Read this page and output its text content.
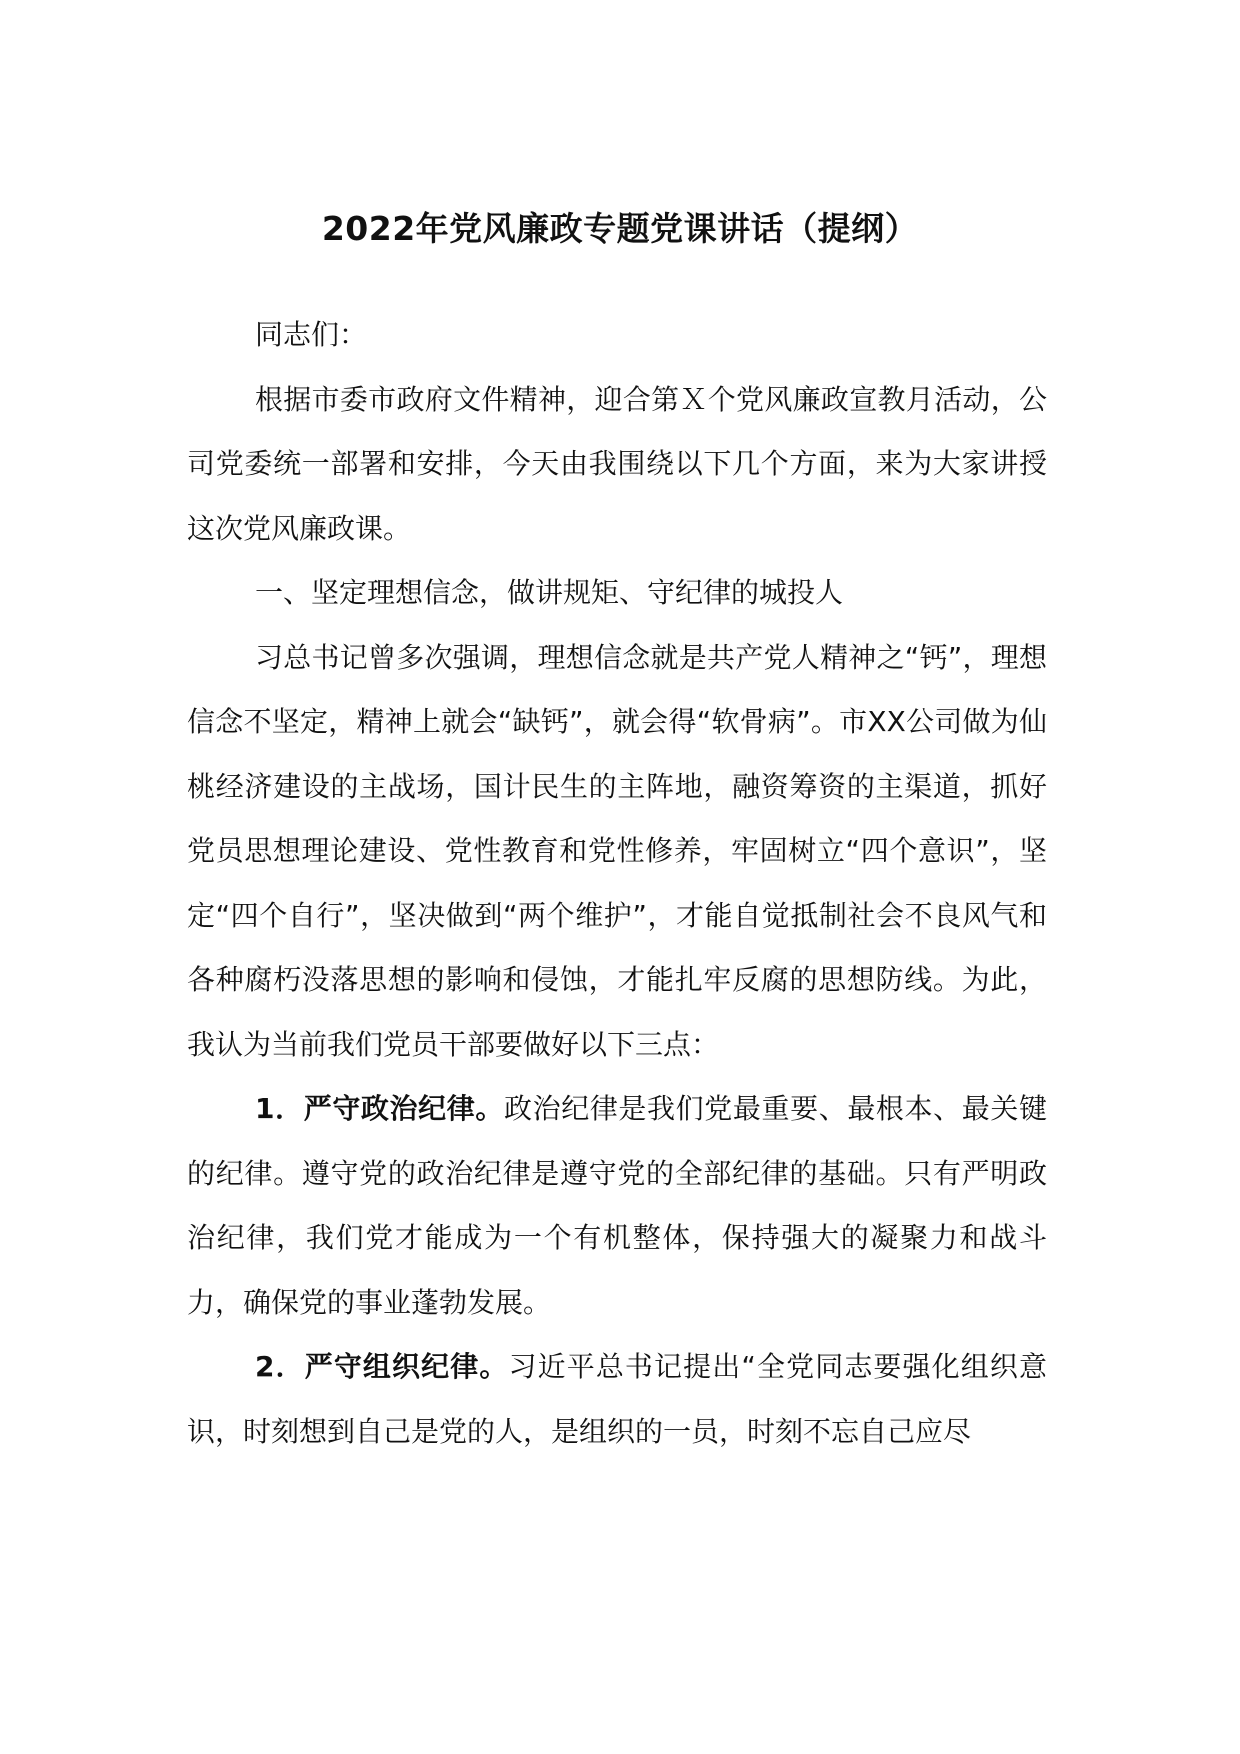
2022年党风廉政专题党课讲话（提纲）

同志们：

根据市委市政府文件精神，迎合第Ｘ个党风廉政宣教月活动，公司党委统一部署和安排，今天由我围绕以下几个方面，来为大家讲授这次党风廉政课。

一、坚定理想信念，做讲规矩、守纪律的城投人

习总书记曾多次强调，理想信念就是共产党人精神之“钙”，理想信念不坚定，精神上就会“缺钙”，就会得“软骨病”。市XX公司做为仙桃经济建设的主战场，国计民生的主阵地，融资筹资的主渠道，抓好党员思想理论建设、党性教育和党性修养，牢固树立“四个意识”，坚定“四个自行”，坚决做到“两个维护”，才能自觉抵制社会不良风气和各种腐朽没落思想的影响和侵蚀，才能扎牢反腐的思想防线。为此，我认为当前我们党员干部要做好以下三点：

1．严守政治纪律。政治纪律是我们党最重要、最根本、最关键的纪律。遵守党的政治纪律是遵守党的全部纪律的基础。只有严明政治纪律，我们党才能成为一个有机整体，保持强大的凝聚力和战斗力，确保党的事业蓬勃发展。

2．严守组织纪律。习近平总书记提出“全党同志要强化组织意识，时刻想到自己是党的人，是组织的一员，时刻不忘自己应尽
